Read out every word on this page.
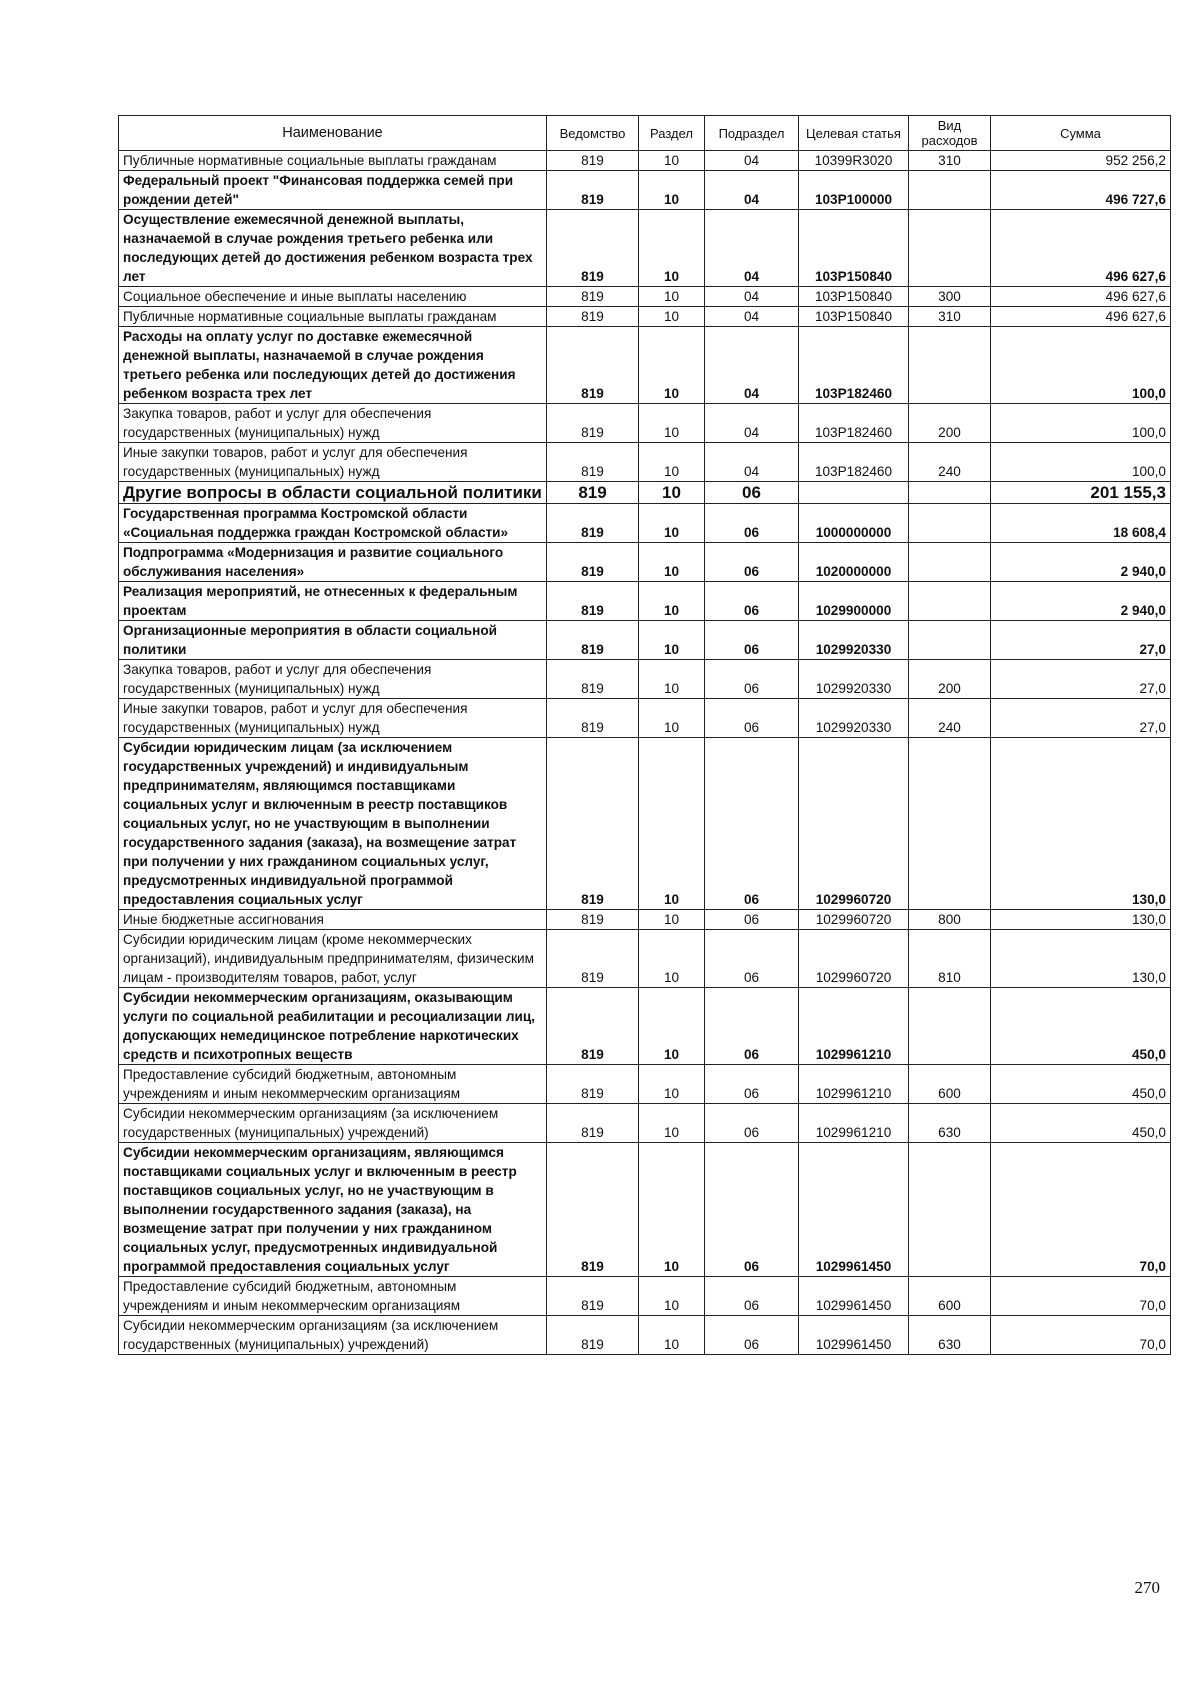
Наименование	Ведомство	Раздел	Подраздел	Целевая статья	Вид расходов	Сумма
Публичные нормативные социальные выплаты гражданам	819	10	04	10399R3020	310	952 256,2
Федеральный проект "Финансовая поддержка семей при рождении детей"	819	10	04	103P100000		496 727,6
Осуществление ежемесячной денежной выплаты, назначаемой в случае рождения третьего ребенка или последующих детей до достижения ребенком возраста трех лет	819	10	04	103P150840		496 627,6
Социальное обеспечение и иные выплаты населению	819	10	04	103P150840	300	496 627,6
Публичные нормативные социальные выплаты гражданам	819	10	04	103P150840	310	496 627,6
Расходы на оплату услуг по доставке ежемесячной денежной выплаты, назначаемой в случае рождения третьего ребенка или последующих детей до достижения ребенком возраста трех лет	819	10	04	103P182460		100,0
Закупка товаров, работ и услуг для обеспечения государственных (муниципальных) нужд	819	10	04	103P182460	200	100,0
Иные закупки товаров, работ и услуг для обеспечения государственных (муниципальных) нужд	819	10	04	103P182460	240	100,0
Другие вопросы в области социальной политики	819	10	06			201 155,3
Государственная программа Костромской области «Социальная поддержка граждан Костромской области»	819	10	06	1000000000		18 608,4
Подпрограмма «Модернизация и развитие социального обслуживания населения»	819	10	06	1020000000		2 940,0
Реализация мероприятий, не отнесенных к федеральным проектам	819	10	06	1029900000		2 940,0
Организационные мероприятия в области социальной политики	819	10	06	1029920330		27,0
Закупка товаров, работ и услуг для обеспечения государственных (муниципальных) нужд	819	10	06	1029920330	200	27,0
Иные закупки товаров, работ и услуг для обеспечения государственных (муниципальных) нужд	819	10	06	1029920330	240	27,0
Субсидии юридическим лицам (за исключением государственных учреждений) и индивидуальным предпринимателям, являющимся поставщиками социальных услуг и включенным в реестр поставщиков социальных услуг, но не участвующим в выполнении государственного задания (заказа), на возмещение затрат при получении у них гражданином социальных услуг, предусмотренных индивидуальной программой предоставления социальных услуг	819	10	06	1029960720		130,0
Иные бюджетные ассигнования	819	10	06	1029960720	800	130,0
Субсидии юридическим лицам (кроме некоммерческих организаций), индивидуальным предпринимателям, физическим лицам - производителям товаров, работ, услуг	819	10	06	1029960720	810	130,0
Субсидии некоммерческим организациям, оказывающим услуги по социальной реабилитации и ресоциализации лиц, допускающих немедицинское потребление наркотических средств и психотропных веществ	819	10	06	1029961210		450,0
Предоставление субсидий бюджетным, автономным учреждениям и иным некоммерческим организациям	819	10	06	1029961210	600	450,0
Субсидии некоммерческим организациям (за исключением государственных (муниципальных) учреждений)	819	10	06	1029961210	630	450,0
Субсидии некоммерческим организациям, являющимся поставщиками социальных услуг и включенным в реестр поставщиков социальных услуг, но не участвующим в выполнении государственного задания (заказа), на возмещение затрат при получении у них гражданином социальных услуг, предусмотренных индивидуальной программой предоставления социальных услуг	819	10	06	1029961450		70,0
Предоставление субсидий бюджетным, автономным учреждениям и иным некоммерческим организациям	819	10	06	1029961450	600	70,0
Субсидии некоммерческим организациям (за исключением государственных (муниципальных) учреждений)	819	10	06	1029961450	630	70,0
270
